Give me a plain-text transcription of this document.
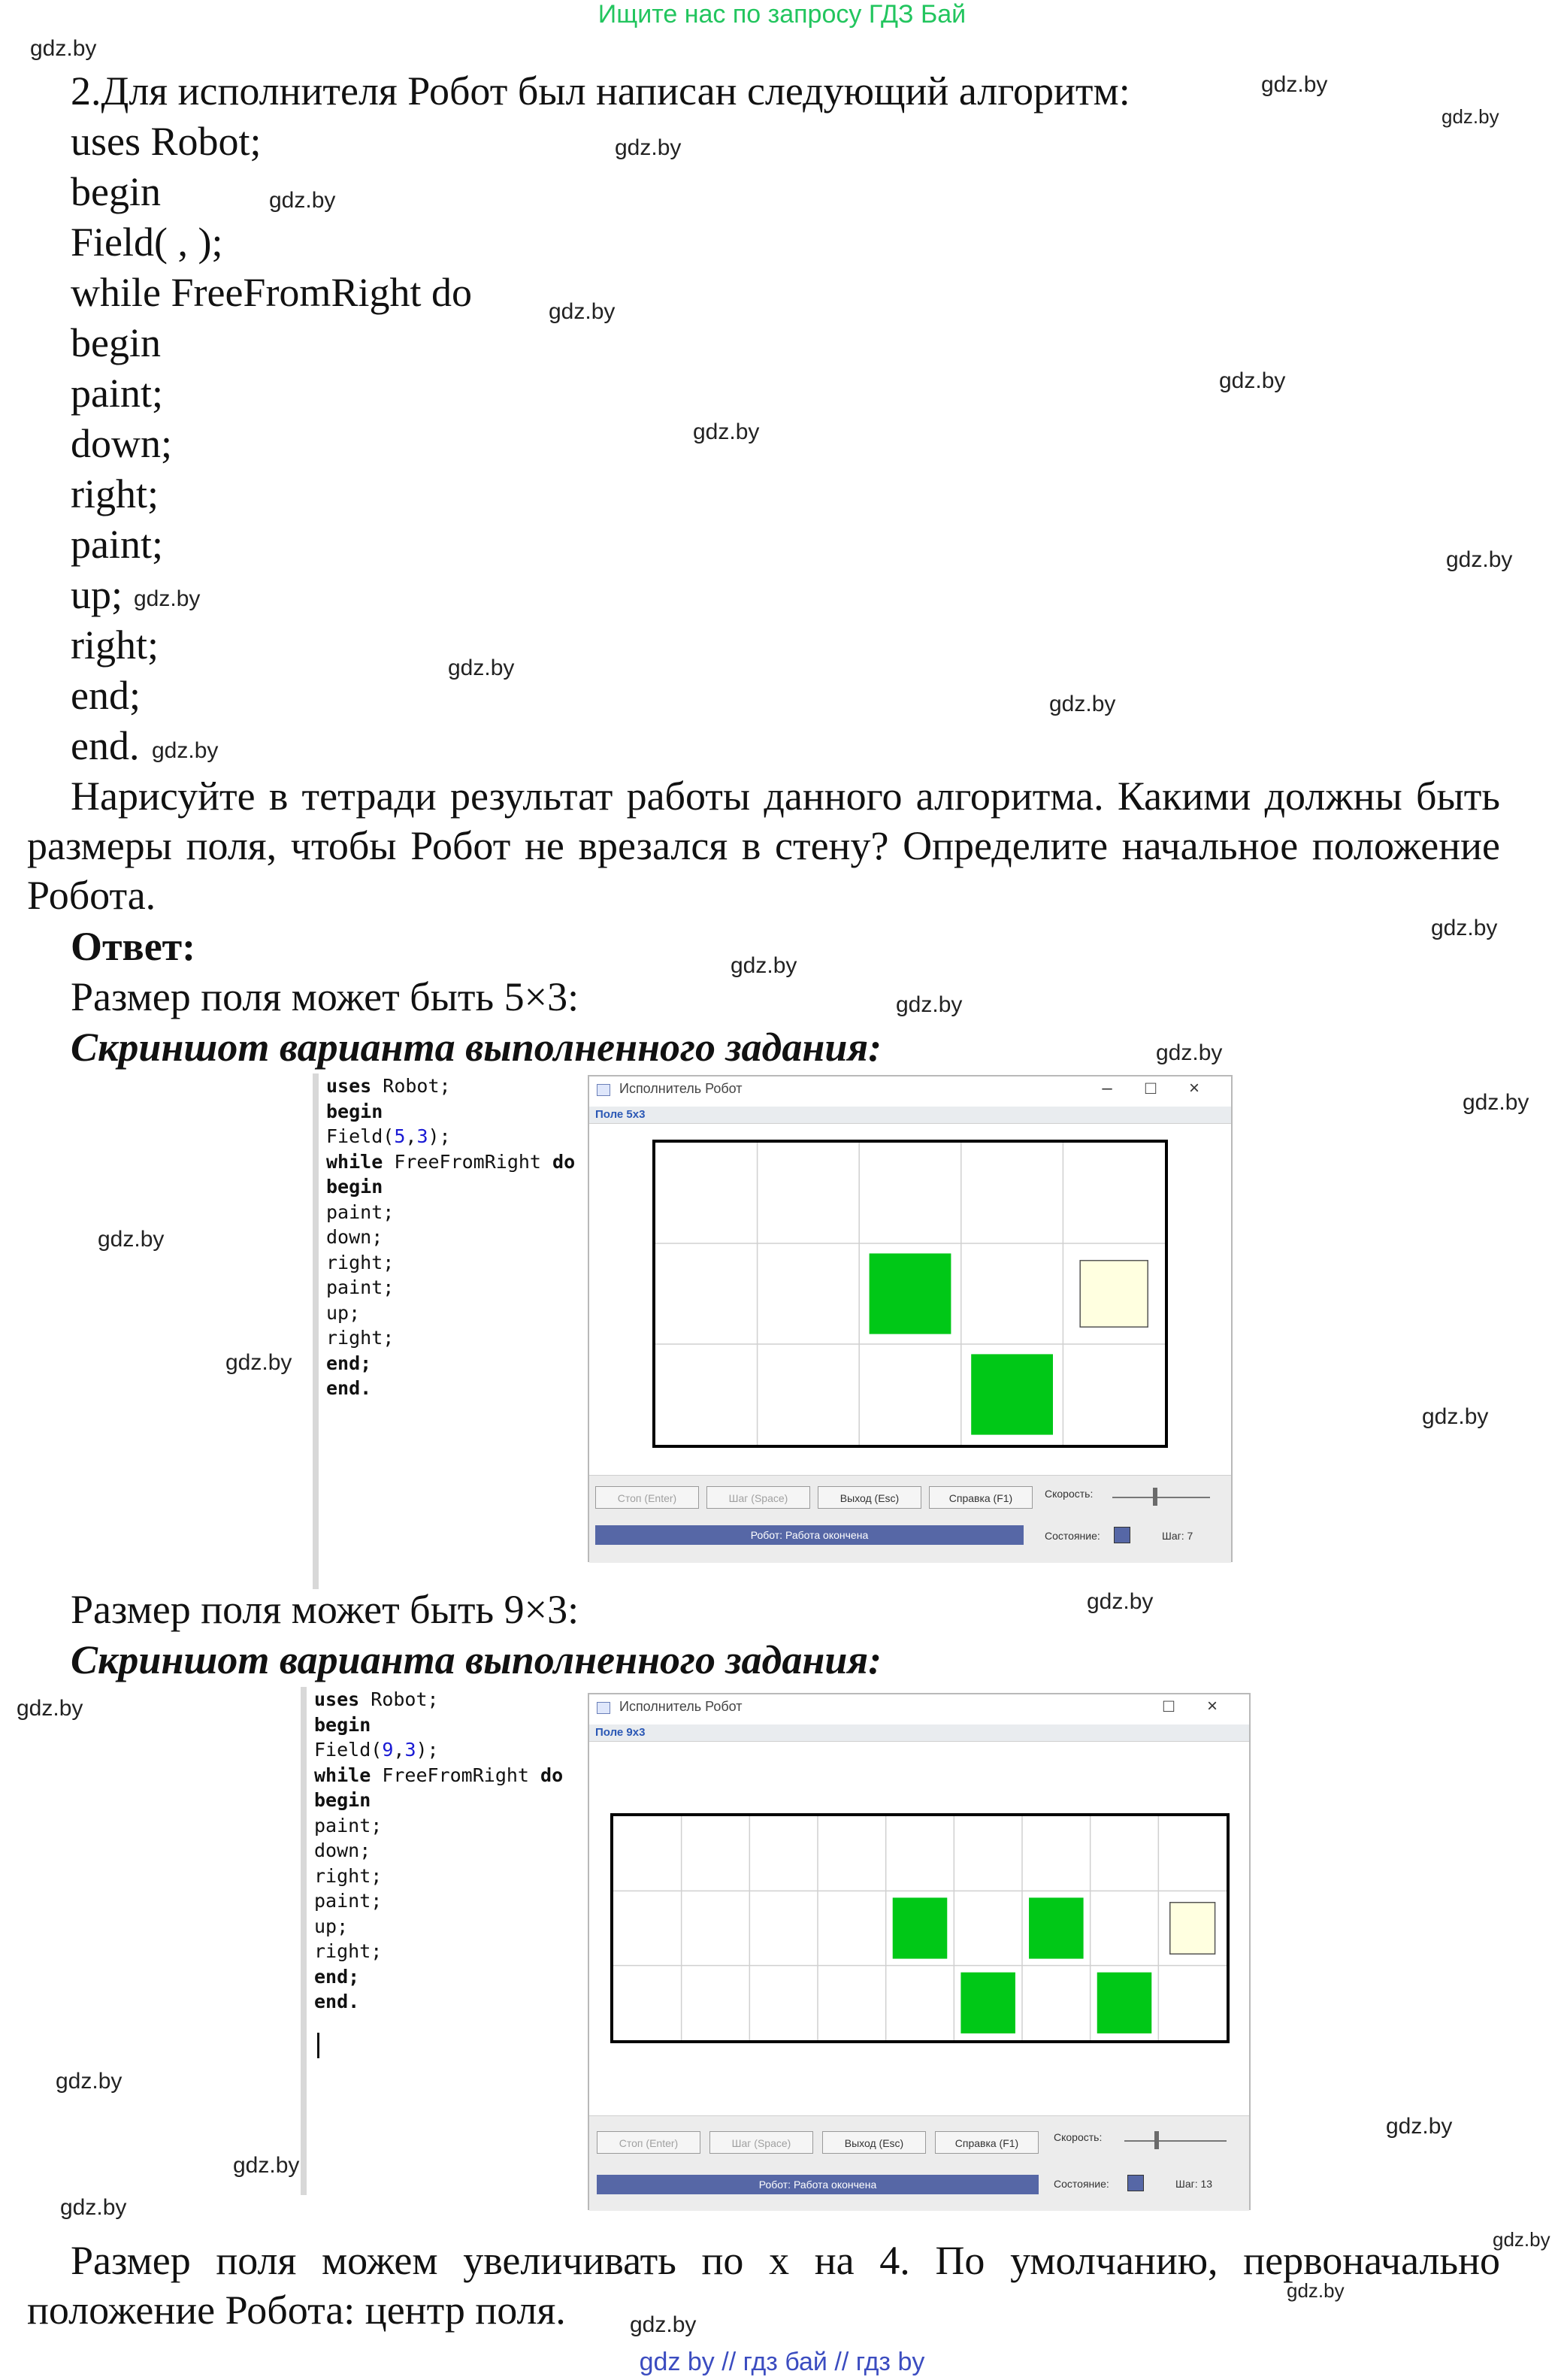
Ищите нас по запросу ГДЗ Бай
gdz by // гдз бай // гдз by
gdz.by
gdz.by
gdz.by
gdz.by
gdz.by
gdz.by
gdz.by
gdz.by
gdz.by
gdz.by
gdz.by
gdz.by
gdz.by
gdz.by
gdz.by
gdz.by
gdz.by
gdz.by
gdz.by
gdz.by
gdz.by
gdz.by
gdz.by
gdz.by
gdz.by
gdz.by
gdz.by
gdz.by
gdz.by
gdz.by
2.Для исполнителя Робот был написан следующий алгоритм:
uses Robot;
begin
Field( , );
while FreeFromRight do
begin
paint;
down;
right;
paint;
up;
right;
end;
end.
Нарисуйте в тетради результат работы данного алгоритма. Какими должны быть размеры поля, чтобы Робот не врезался в стену? Определите начальное положение Робота.
Ответ:
Размер поля может быть 5×3:
Скриншот варианта выполненного задания:
uses Robot;
begin
Field(5,3);
while FreeFromRight do
begin
paint;
down;
right;
paint;
up;
right;
end;
end.
Исполнитель Робот	– □ ×
Поле 5x3
Стоп (Enter)	Шаг (Space)	Выход (Esc)	Справка (F1)	Скорость:
Робот: Работа окончена	Состояние:	Шаг: 7
Размер поля может быть 9×3:
Скриншот варианта выполненного задания:
uses Robot;
begin
Field(9,3);
while FreeFromRight do
begin
paint;
down;
right;
paint;
up;
right;
end;
end.
Исполнитель Робот	□ ×
Поле 9x3
Стоп (Enter)	Шаг (Space)	Выход (Esc)	Справка (F1)	Скорость:
Робот: Работа окончена	Состояние:	Шаг: 13
Размер поля можем увеличивать по x на 4. По умолчанию, первоначально положение Робота: центр поля.
